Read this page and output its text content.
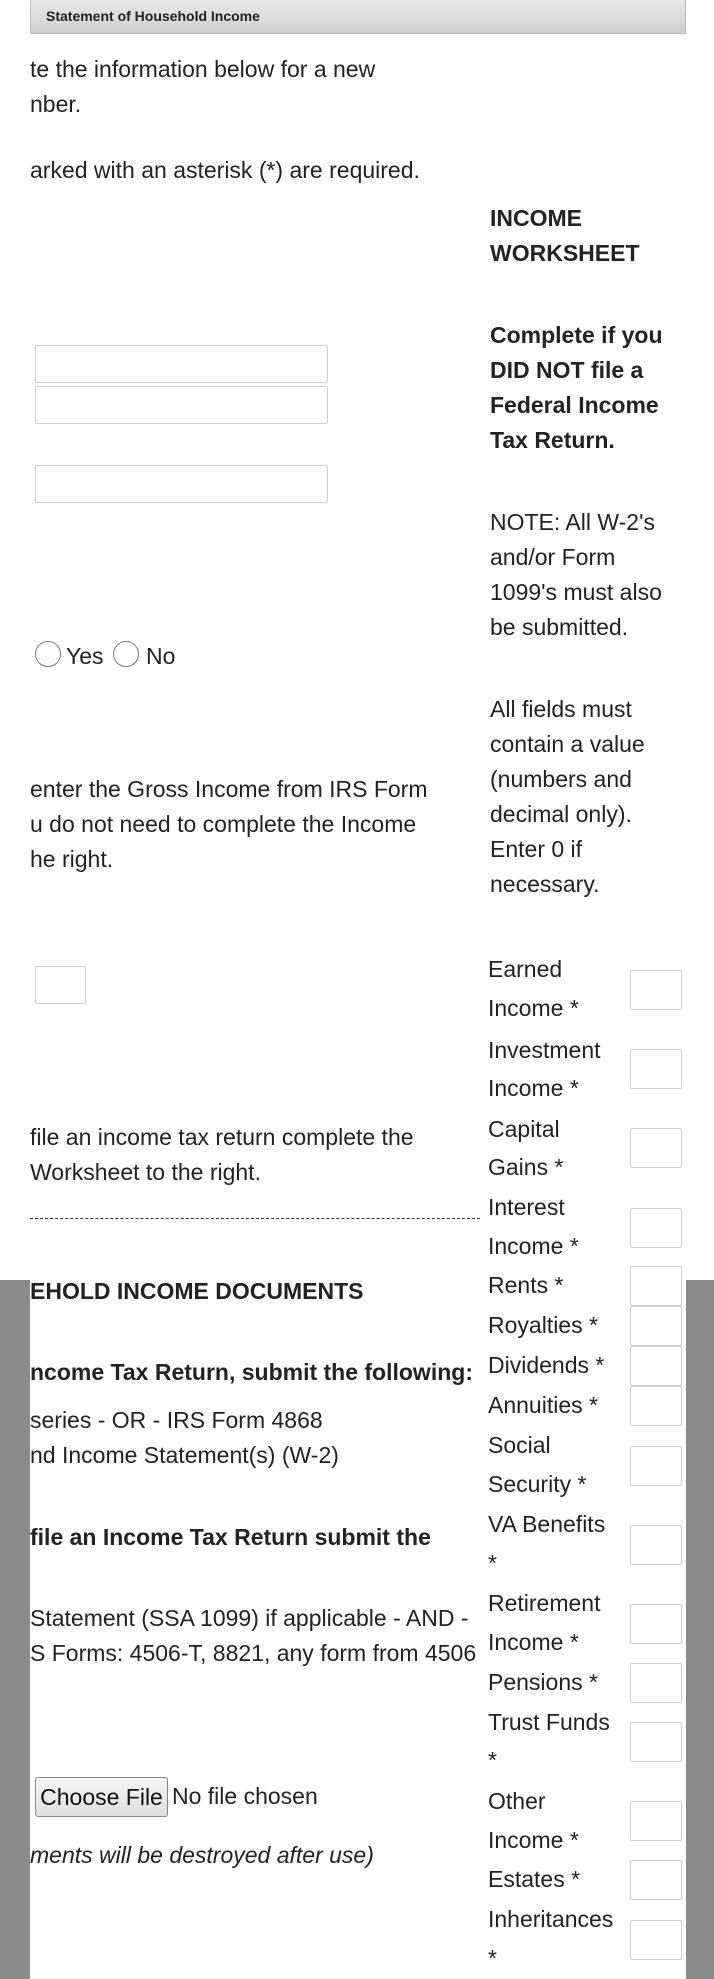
Statement of Household Income
te the information below for a new
nber.
arked with an asterisk (*) are required.
Yes No
enter the Gross Income from IRS Form
u do not need to complete the Income
he right.
file an income tax return complete the
Worksheet to the right.
EHOLD INCOME DOCUMENTS
ncome Tax Return, submit the following:
series - OR - IRS Form 4868
nd Income Statement(s) (W-2)
file an Income Tax Return submit the
Statement (SSA 1099) if applicable - AND -
S Forms: 4506-T, 8821, any form from 4506
Choose File No file chosen
ments will be destroyed after use)
INCOME
WORKSHEET
Complete if you
DID NOT file a
Federal Income
Tax Return.
NOTE: All W-2's
and/or Form
1099's must also
be submitted.
All fields must
contain a value
(numbers and
decimal only).
Enter 0 if
necessary.
Earned
Income *
Investment
Income *
Capital
Gains *
Interest
Income *
Rents *
Royalties *
Dividends *
Annuities *
Social
Security *
VA Benefits
*
Retirement
Income *
Pensions *
Trust Funds
*
Other
Income *
Estates *
Inheritances
*
